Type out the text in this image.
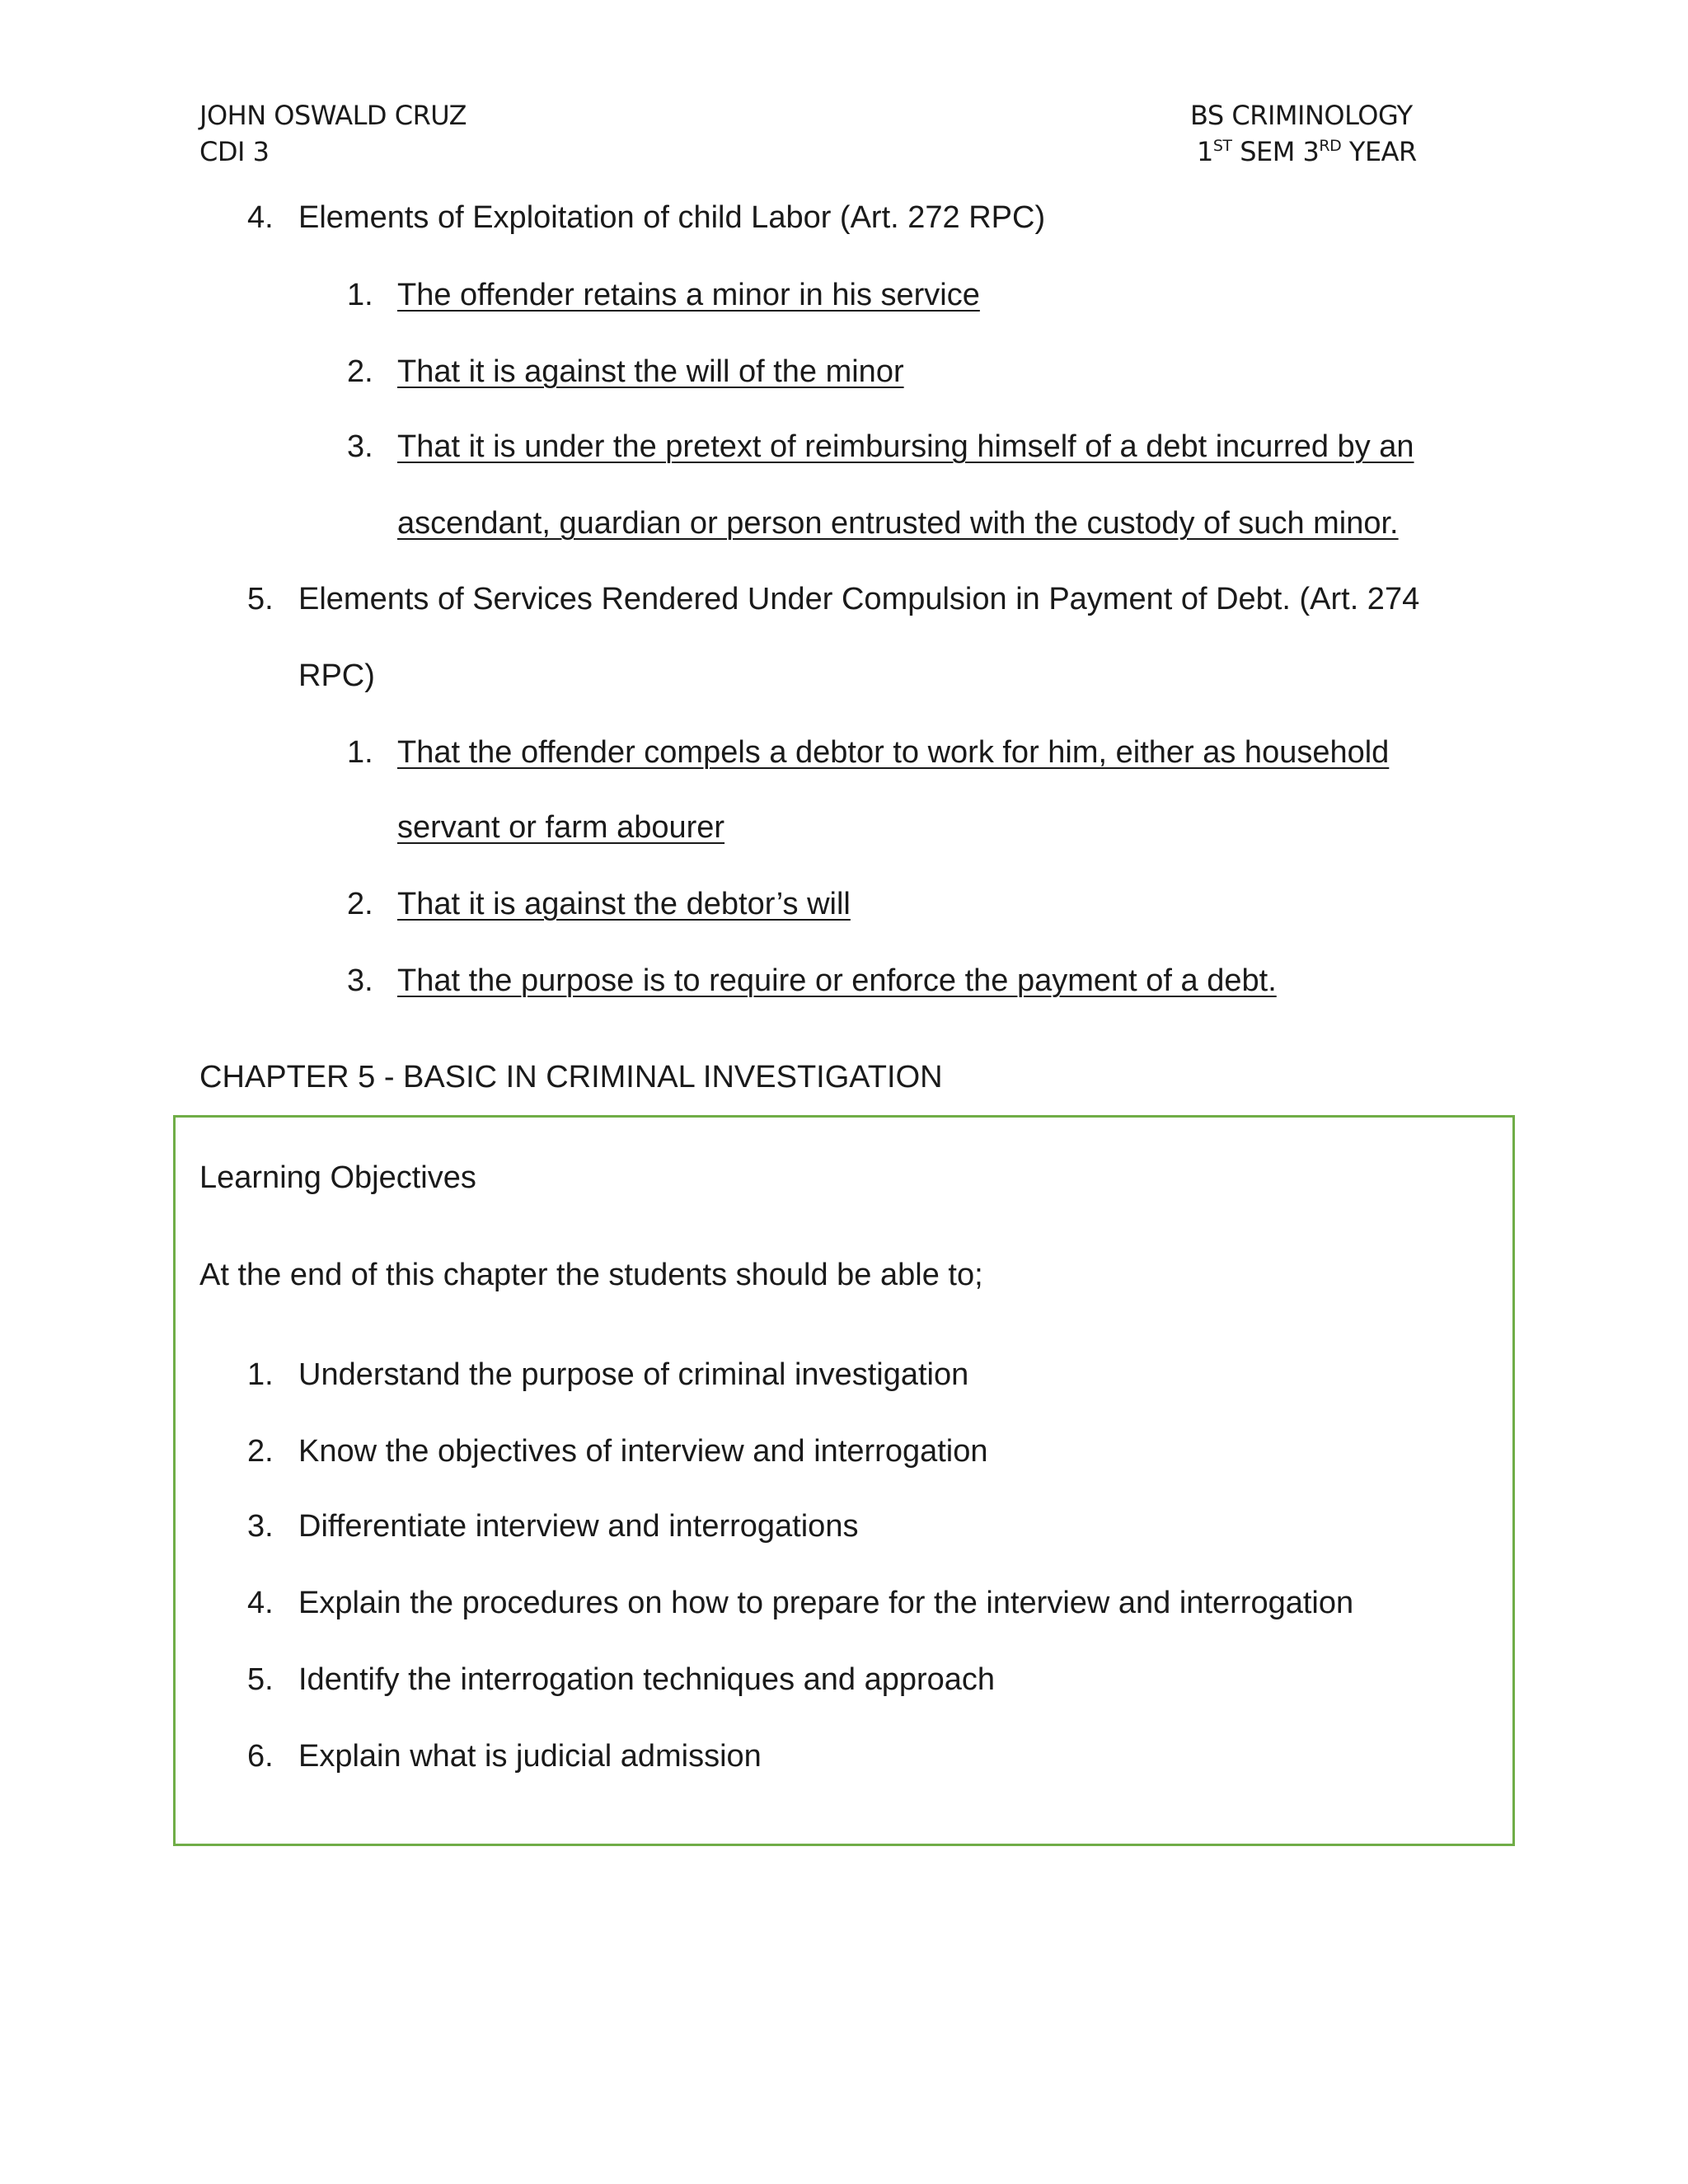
JOHN OSWALD CRUZ
CDI 3
BS CRIMINOLOGY
1ST SEM 3RD YEAR
4. Elements of Exploitation of child Labor (Art. 272 RPC)
1. The offender retains a minor in his service
2. That it is against the will of the minor
3. That it is under the pretext of reimbursing himself of a debt incurred by an
ascendant, guardian or person entrusted with the custody of such minor.
5. Elements of Services Rendered Under Compulsion in Payment of Debt. (Art. 274
RPC)
1. That the offender compels a debtor to work for him, either as household
servant or farm abourer
2. That it is against the debtor’s will
3. That the purpose is to require or enforce the payment of a debt.
CHAPTER 5 - BASIC IN CRIMINAL INVESTIGATION
Learning Objectives
At the end of this chapter the students should be able to;
1. Understand the purpose of criminal investigation
2. Know the objectives of interview and interrogation
3. Differentiate interview and interrogations
4. Explain the procedures on how to prepare for the interview and interrogation
5. Identify the interrogation techniques and approach
6. Explain what is judicial admission
